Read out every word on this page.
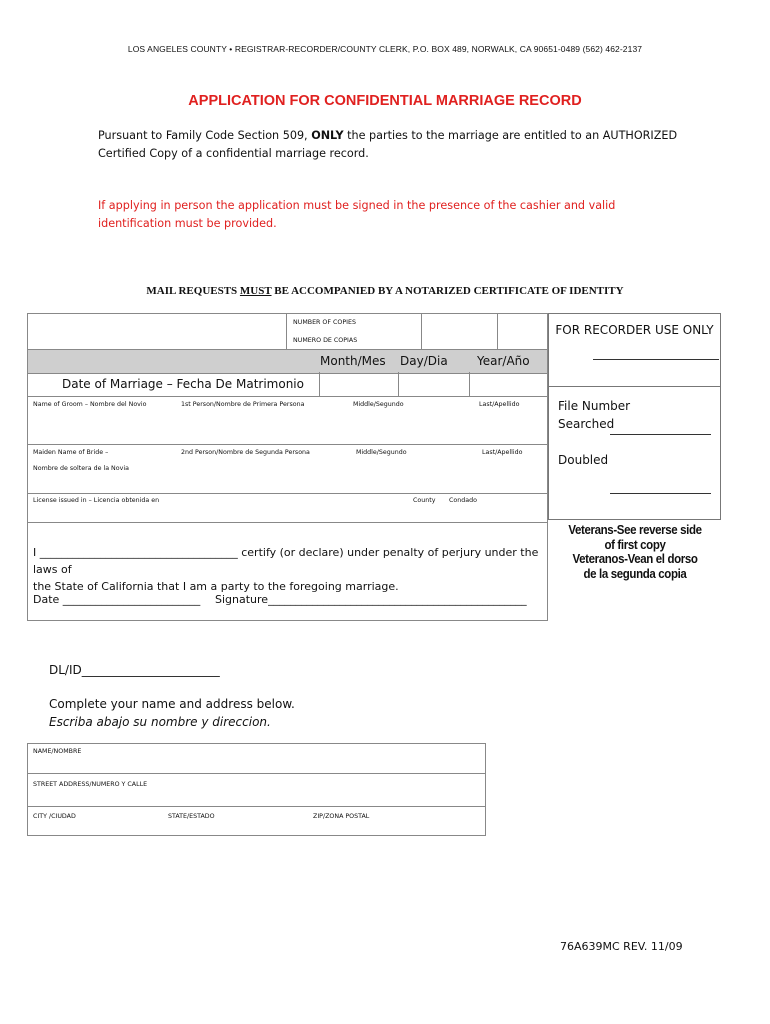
LOS ANGELES COUNTY • REGISTRAR-RECORDER/COUNTY CLERK, P.O. BOX 489, NORWALK, CA 90651-0489 (562) 462-2137
APPLICATION FOR CONFIDENTIAL MARRIAGE RECORD
Pursuant to Family Code Section 509, ONLY the parties to the marriage are entitled to an AUTHORIZED
Certified Copy of a confidential marriage record.
If applying in person the application must be signed in the presence of the cashier and valid
identification must be provided.
MAIL REQUESTS MUST BE ACCOMPANIED BY A NOTARIZED CERTIFICATE OF IDENTITY
NUMBER OF COPIES
NUMERO DE COPIAS
Month/Mes Day/Dia Year/Año
Date of Marriage – Fecha De Matrimonio
Name of Groom – Nombre del Novio	1st Person/Nombre de Primera Persona	Middle/Segundo	Last/Apellido
Maiden Name of Bride –
Nombre de soltera de la Novia
2nd Person/Nombre de Segunda Persona	Middle/Segundo	Last/Apellido
License issued in – Licencia obtenida en	County Condado
I ____________________________________ certify (or declare) under penalty of perjury under the laws of
the State of California that I am a party to the foregoing marriage.
Date _________________________ Signature_______________________________________________
FOR RECORDER USE ONLY
File Number
Searched
Doubled
Veterans-See reverse side
of first copy
Veteranos-Vean el dorso
de la segunda copia
DL/ID_______________________
Complete your name and address below.
Escriba abajo su nombre y direccion.
NAME/NOMBRE
STREET ADDRESS/NUMERO Y CALLE
CITY /CIUDAD	STATE/ESTADO	ZIP/ZONA POSTAL
76A639MC REV. 11/09
